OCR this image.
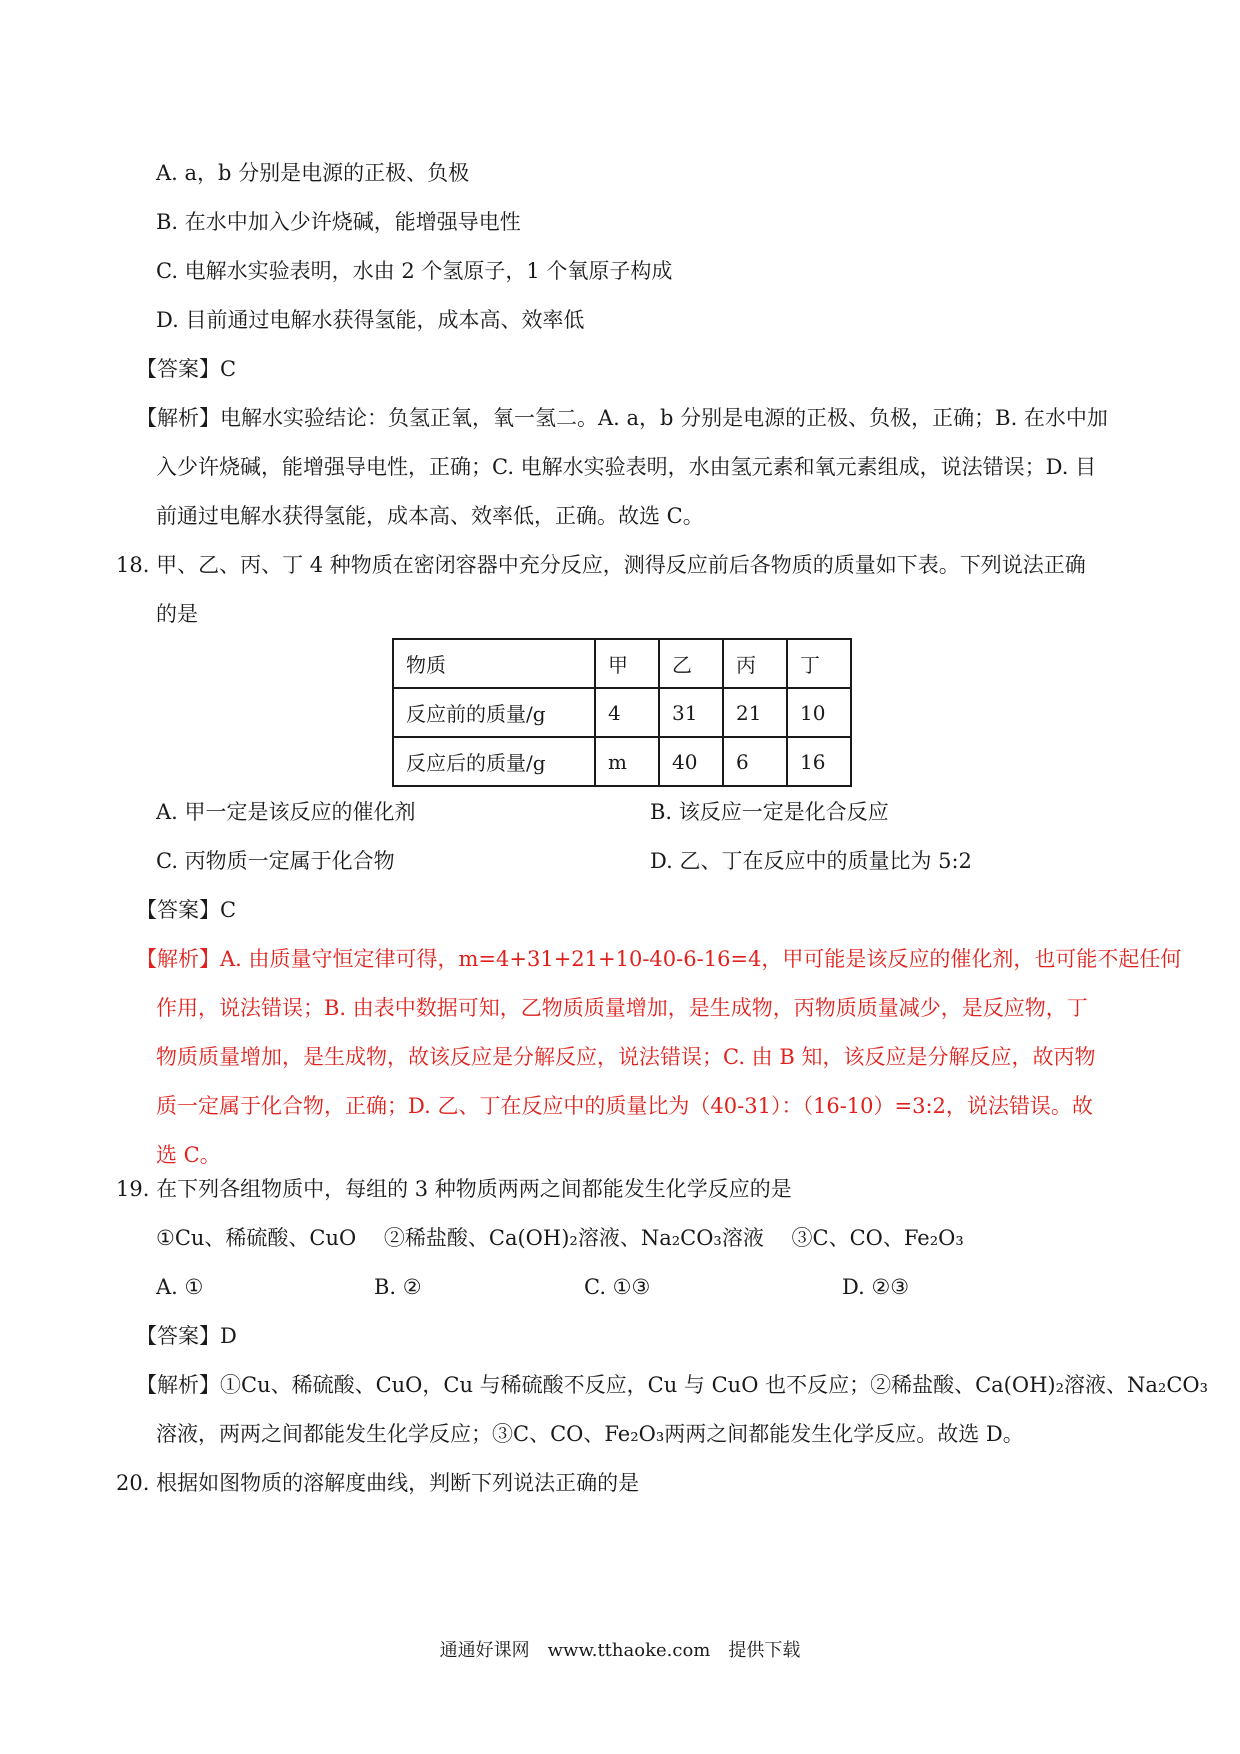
A. a，b 分别是电源的正极、负极
B. 在水中加入少许烧碱，能增强导电性
C. 电解水实验表明，水由 2 个氢原子，1 个氧原子构成
D. 目前通过电解水获得氢能，成本高、效率低
【答案】C
【解析】电解水实验结论：负氢正氧，氧一氢二。A. a，b 分别是电源的正极、负极，正确；B. 在水中加
入少许烧碱，能增强导电性，正确；C. 电解水实验表明，水由氢元素和氧元素组成，说法错误；D. 目
前通过电解水获得氢能，成本高、效率低，正确。故选 C。
18. 甲、乙、丙、丁 4 种物质在密闭容器中充分反应，测得反应前后各物质的质量如下表。下列说法正确
的是
物质	甲	乙	丙	丁
反应前的质量/g	4	31	21	10
反应后的质量/g	m	40	6	16
A. 甲一定是该反应的催化剂	B. 该反应一定是化合反应
C. 丙物质一定属于化合物	D. 乙、丁在反应中的质量比为 5:2
【答案】C
【解析】A. 由质量守恒定律可得，m=4+31+21+10-40-6-16=4，甲可能是该反应的催化剂，也可能不起任何
作用，说法错误；B. 由表中数据可知，乙物质质量增加，是生成物，丙物质质量减少，是反应物，丁
物质质量增加，是生成物，故该反应是分解反应，说法错误；C. 由 B 知，该反应是分解反应，故丙物
质一定属于化合物，正确；D. 乙、丁在反应中的质量比为（40-31）：（16-10）=3:2，说法错误。故
选 C。
19. 在下列各组物质中，每组的 3 种物质两两之间都能发生化学反应的是
①Cu、稀硫酸、CuO　 ②稀盐酸、Ca(OH)₂溶液、Na₂CO₃溶液　 ③C、CO、Fe₂O₃
A. ①	B. ②	C. ①③	D. ②③
【答案】D
【解析】①Cu、稀硫酸、CuO，Cu 与稀硫酸不反应，Cu 与 CuO 也不反应；②稀盐酸、Ca(OH)₂溶液、Na₂CO₃
溶液，两两之间都能发生化学反应；③C、CO、Fe₂O₃两两之间都能发生化学反应。故选 D。
20. 根据如图物质的溶解度曲线，判断下列说法正确的是
通通好课网　www.tthaoke.com　提供下载
